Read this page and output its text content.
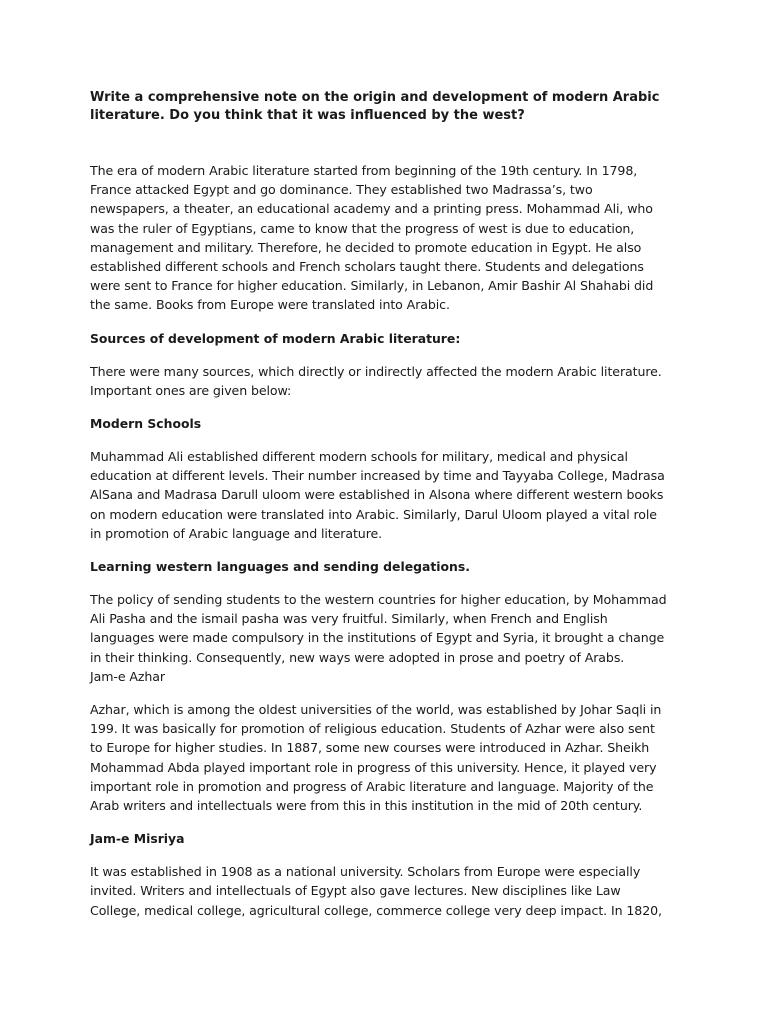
Write a comprehensive note on the origin and development of modern Arabic
literature. Do you think that it was influenced by the west?

The era of modern Arabic literature started from beginning of the 19th century. In 1798,
France attacked Egypt and go dominance. They established two Madrassa’s, two
newspapers, a theater, an educational academy and a printing press. Mohammad Ali, who
was the ruler of Egyptians, came to know that the progress of west is due to education,
management and military. Therefore, he decided to promote education in Egypt. He also
established different schools and French scholars taught there. Students and delegations
were sent to France for higher education. Similarly, in Lebanon, Amir Bashir Al Shahabi did
the same. Books from Europe were translated into Arabic.

Sources of development of modern Arabic literature:

There were many sources, which directly or indirectly affected the modern Arabic literature.
Important ones are given below:

Modern Schools

Muhammad Ali established different modern schools for military, medical and physical
education at different levels. Their number increased by time and Tayyaba College, Madrasa
AlSana and Madrasa Darull uloom were established in Alsona where different western books
on modern education were translated into Arabic. Similarly, Darul Uloom played a vital role
in promotion of Arabic language and literature.

Learning western languages and sending delegations.

The policy of sending students to the western countries for higher education, by Mohammad
Ali Pasha and the ismail pasha was very fruitful. Similarly, when French and English
languages were made compulsory in the institutions of Egypt and Syria, it brought a change
in their thinking. Consequently, new ways were adopted in prose and poetry of Arabs.
Jam-e Azhar

Azhar, which is among the oldest universities of the world, was established by Johar Saqli in
199. It was basically for promotion of religious education. Students of Azhar were also sent
to Europe for higher studies. In 1887, some new courses were introduced in Azhar. Sheikh
Mohammad Abda played important role in progress of this university. Hence, it played very
important role in promotion and progress of Arabic literature and language. Majority of the
Arab writers and intellectuals were from this in this institution in the mid of 20th century.

Jam-e Misriya

It was established in 1908 as a national university. Scholars from Europe were especially
invited. Writers and intellectuals of Egypt also gave lectures. New disciplines like Law
College, medical college, agricultural college, commerce college very deep impact. In 1820,
